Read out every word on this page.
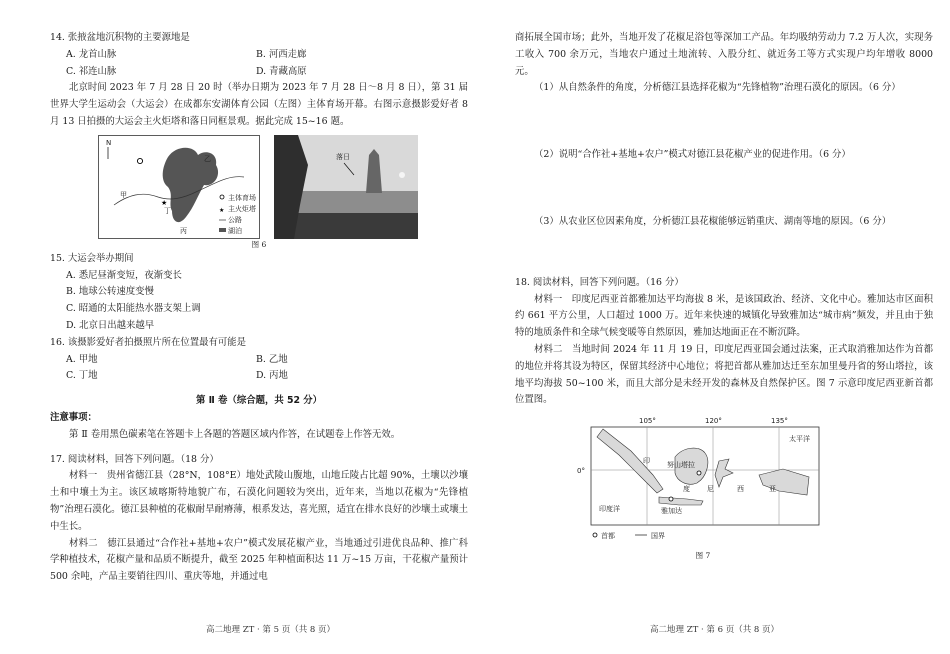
14. 张掖盆地沉积物的主要源地是

A. 龙首山脉	B. 河西走廊
C. 祁连山脉	D. 青藏高原

北京时间 2023 年 7 月 28 日 20 时（举办日期为 2023 年 7 月 28 日～8 月 8 日），第 31 届世界大学生运动会（大运会）在成都东安湖体育公园（左图）主体育场开幕。右图示意摄影爱好者 8 月 13 日拍摄的大运会主火炬塔和落日同框景观。据此完成 15~16 题。

N
★
甲
乙
丙
丁
主体育场
★ 主火炬塔
公路
湖泊
落日
图 6

15. 大运会举办期间

A. 悉尼昼渐变短，夜渐变长
B. 地球公转速度变慢
C. 昭通的太阳能热水器支架上调
D. 北京日出越来越早

16. 该摄影爱好者拍摄照片所在位置最有可能是

A. 甲地	B. 乙地
C. 丁地	D. 丙地
第 Ⅱ 卷（综合题，共 52 分）
注意事项：

第 Ⅱ 卷用黑色碳素笔在答题卡上各题的答题区域内作答，在试题卷上作答无效。

17. 阅读材料，回答下列问题。（18 分）

材料一　贵州省德江县（28°N，108°E）地处武陵山腹地，山地丘陵占比超 90%，土壤以沙壤土和中壤土为主。该区域喀斯特地貌广布，石漠化问题较为突出，近年来，当地以花椒为“先锋植物”治理石漠化。德江县种植的花椒耐旱耐瘠薄，根系发达，喜光照，适宜在排水良好的沙壤土或壤土中生长。

材料二　德江县通过“合作社+基地+农户”模式发展花椒产业，当地通过引进优良品种、推广科学种植技术，花椒产量和品质不断提升，截至 2025 年种植面积达 11 万~15 万亩，干花椒产量预计 500 余吨，产品主要销往四川、重庆等地，并通过电

高二地理 ZT · 第 5 页（共 8 页）

商拓展全国市场；此外，当地开发了花椒足浴包等深加工产品。年均吸纳劳动力 7.2 万人次，实现务工收入 700 余万元，当地农户通过土地流转、入股分红、就近务工等方式实现户均年增收 8000 元。

（1）从自然条件的角度，分析德江县选择花椒为“先锋植物”治理石漠化的原因。（6 分）

（2）说明“合作社+基地+农户”模式对德江县花椒产业的促进作用。（6 分）

（3）从农业区位因素角度，分析德江县花椒能够远销重庆、湖南等地的原因。（6 分）

18. 阅读材料，回答下列问题。（16 分）

材料一　印度尼西亚首都雅加达平均海拔 8 米，是该国政治、经济、文化中心。雅加达市区面积约 661 平方公里，人口超过 1000 万。近年来快速的城镇化导致雅加达“城市病”频发，并且由于独特的地质条件和全球气候变暖等自然原因，雅加达地面正在不断沉降。

材料二　当地时间 2024 年 11 月 19 日，印度尼西亚国会通过法案，正式取消雅加达作为首都的地位并将其设为特区，保留其经济中心地位；将把首都从雅加达迁至东加里曼丹省的努山塔拉，该地平均海拔 50~100 米，而且大部分是未经开发的森林及自然保护区。图 7 示意印度尼西亚新首都位置图。

105°	120°	135°
0°
印
度 尼	西	亚
努山塔拉
雅加达
印度洋
太平洋
首都	国界
图 7
高二地理 ZT · 第 6 页（共 8 页）
